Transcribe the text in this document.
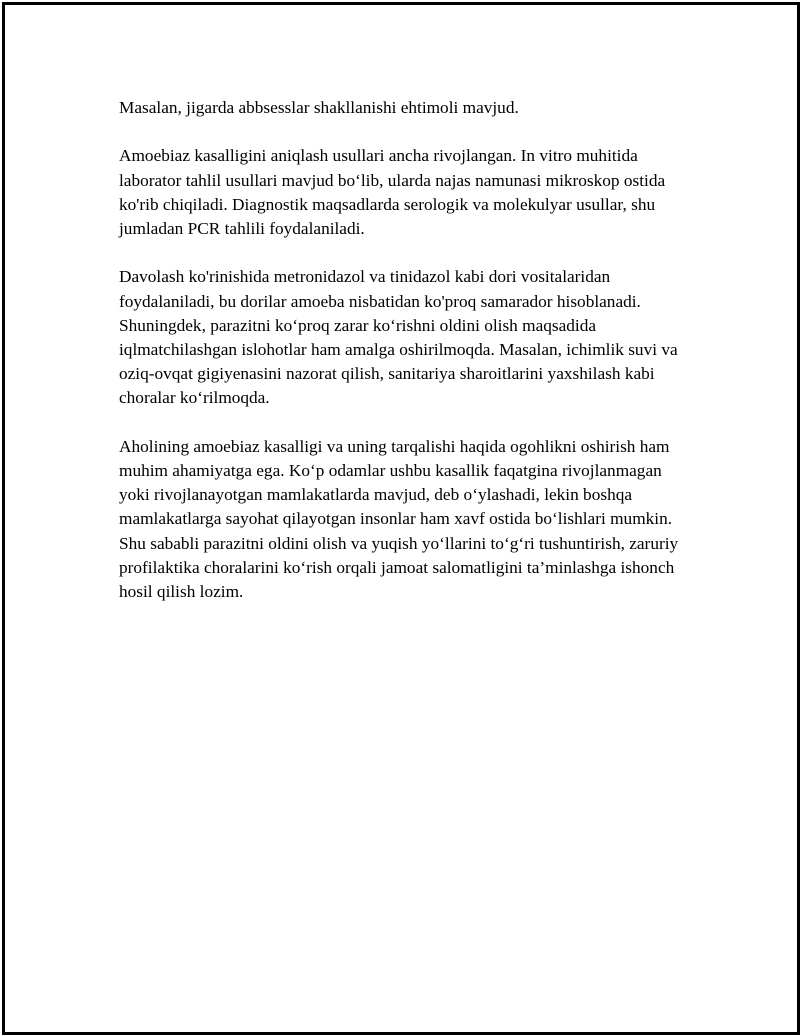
Masalan, jigarda abbsesslar shakllanishi ehtimoli mavjud.

Amoebiaz kasalligini aniqlash usullari ancha rivojlangan. In vitro muhitida laborator tahlil usullari mavjud bo‘lib, ularda najas namunasi mikroskop ostida ko'rib chiqiladi. Diagnostik maqsadlarda serologik va molekulyar usullar, shu jumladan PCR tahlili foydalaniladi.

Davolash ko'rinishida metronidazol va tinidazol kabi dori vositalaridan foydalaniladi, bu dorilar amoeba nisbatidan ko'proq samarador hisoblanadi. Shuningdek, parazitni ko‘proq zarar ko‘rishni oldini olish maqsadida iqlmatchilashgan islohotlar ham amalga oshirilmoqda. Masalan, ichimlik suvi va oziq-ovqat gigiyenasini nazorat qilish, sanitariya sharoitlarini yaxshilash kabi choralar ko‘rilmoqda.

Aholining amoebiaz kasalligi va uning tarqalishi haqida ogohlikni oshirish ham muhim ahamiyatga ega. Ko‘p odamlar ushbu kasallik faqatgina rivojlanmagan yoki rivojlanayotgan mamlakatlarda mavjud, deb o‘ylashadi, lekin boshqa mamlakatlarga sayohat qilayotgan insonlar ham xavf ostida bo‘lishlari mumkin. Shu sababli parazitni oldini olish va yuqish yo‘llarini to‘g‘ri tushuntirish, zaruriy profilaktika choralarini ko‘rish orqali jamoat salomatligini ta’minlashga ishonch hosil qilish lozim.
